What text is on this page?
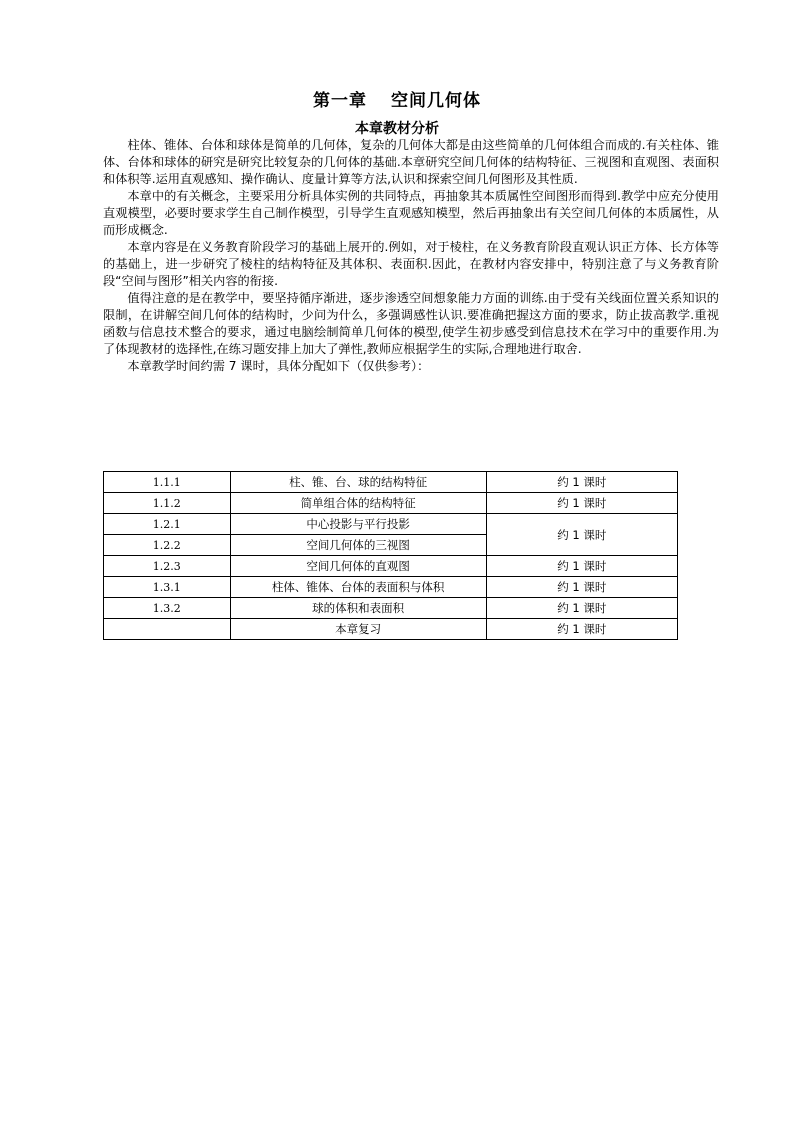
第一章 空间几何体
本章教材分析

柱体、锥体、台体和球体是简单的几何体，复杂的几何体大都是由这些简单的几何体组合而成的.有关柱体、锥体、台体和球体的研究是研究比较复杂的几何体的基础.本章研究空间几何体的结构特征、三视图和直观图、表面积和体积等.运用直观感知、操作确认、度量计算等方法,认识和探索空间几何图形及其性质.

本章中的有关概念，主要采用分析具体实例的共同特点，再抽象其本质属性空间图形而得到.教学中应充分使用直观模型，必要时要求学生自己制作模型，引导学生直观感知模型，然后再抽象出有关空间几何体的本质属性，从而形成概念.

本章内容是在义务教育阶段学习的基础上展开的.例如，对于棱柱，在义务教育阶段直观认识正方体、长方体等的基础上，进一步研究了棱柱的结构特征及其体积、表面积.因此，在教材内容安排中，特别注意了与义务教育阶段“空间与图形”相关内容的衔接.

值得注意的是在教学中，要坚持循序渐进，逐步渗透空间想象能力方面的训练.由于受有关线面位置关系知识的限制，在讲解空间几何体的结构时，少问为什么，多强调感性认识.要准确把握这方面的要求，防止拔高教学.重视函数与信息技术整合的要求，通过电脑绘制简单几何体的模型,使学生初步感受到信息技术在学习中的重要作用.为了体现教材的选择性,在练习题安排上加大了弹性,教师应根据学生的实际,合理地进行取舍.

本章教学时间约需 7 课时，具体分配如下（仅供参考）：

1.1.1	柱、锥、台、球的结构特征	约 1 课时
1.1.2	简单组合体的结构特征	约 1 课时
1.2.1	中心投影与平行投影	约 1 课时
1.2.2	空间几何体的三视图	
1.2.3	空间几何体的直观图	约 1 课时
1.3.1	柱体、锥体、台体的表面积与体积	约 1 课时
1.3.2	球的体积和表面积	约 1 课时
	本章复习	约 1 课时
